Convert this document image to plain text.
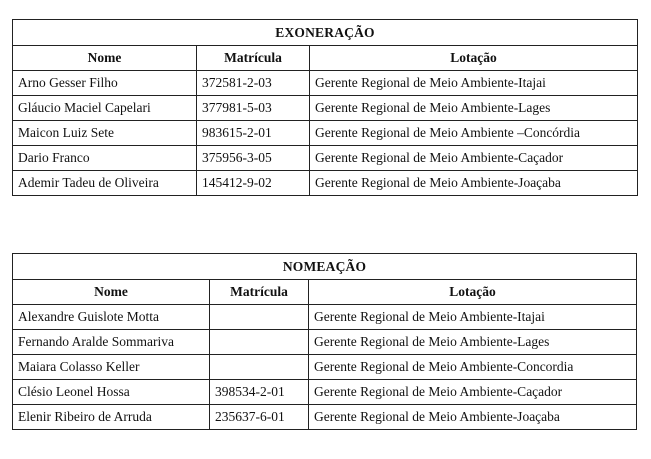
EXONERAÇÃO		
Nome	Matrícula	Lotação
Arno Gesser Filho	372581-2-03	Gerente Regional de Meio Ambiente-Itajai
Gláucio Maciel Capelari	377981-5-03	Gerente Regional de Meio Ambiente-Lages
Maicon Luiz Sete	983615-2-01	Gerente Regional de Meio Ambiente –Concórdia
Dario Franco	375956-3-05	Gerente Regional de Meio Ambiente-Caçador
Ademir Tadeu de Oliveira	145412-9-02	Gerente Regional de Meio Ambiente-Joaçaba
NOMEAÇÃO		
Nome	Matrícula	Lotação
Alexandre Guislote Motta		Gerente Regional de Meio Ambiente-Itajai
Fernando Aralde Sommariva		Gerente Regional de Meio Ambiente-Lages
Maiara Colasso Keller		Gerente Regional de Meio Ambiente-Concordia
Clésio Leonel Hossa	398534-2-01	Gerente Regional de Meio Ambiente-Caçador
Elenir Ribeiro de Arruda	235637-6-01	Gerente Regional de Meio Ambiente-Joaçaba
